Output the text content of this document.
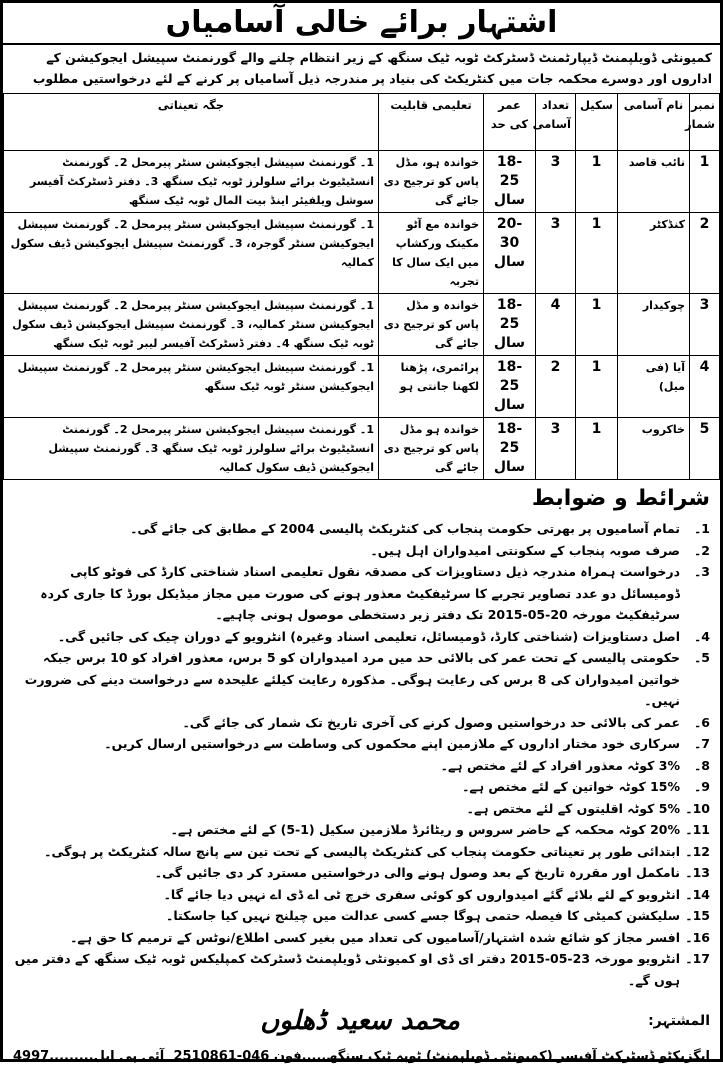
اشتہار برائے خالی آسامیاں
کمیونٹی ڈویلپمنٹ ڈیپارٹمنٹ ڈسٹرکٹ ٹوبہ ٹیک سنگھ کے زیر انتظام چلنے والے گورنمنٹ سپیشل ایجوکیشن کے اداروں اور دوسرے محکمہ جات میں کنٹریکٹ کی بنیاد پر مندرجہ ذیل آسامیاں پر کرنے کے لئے درخواستیں مطلوب
نمبر شمار	نام آسامی	سکیل	تعداد آسامی	عمر کی حد	تعلیمی قابلیت	جگہ تعیناتی
1	نائب قاصد	1	3	18-25 سال	خواندہ ہو، مڈل پاس کو ترجیح دی جائے گی	1۔ گورنمنٹ سپیشل ایجوکیشن سنٹر پیرمحل 2۔ گورنمنٹ انسٹیٹیوٹ برائے سلولرز ٹوبہ ٹیک سنگھ 3۔ دفتر ڈسٹرکٹ آفیسر سوشل ویلفیئر اینڈ بیت المال ٹوبہ ٹیک سنگھ
2	کنڈکٹر	1	3	20-30 سال	خواندہ مع آٹو مکینک ورکشاپ میں ایک سال کا تجربہ	1۔ گورنمنٹ سپیشل ایجوکیشن سنٹر پیرمحل 2۔ گورنمنٹ سپیشل ایجوکیشن سنٹر گوجرہ، 3۔ گورنمنٹ سپیشل ایجوکیشن ڈیف سکول کمالیہ
3	چوکیدار	1	4	18-25 سال	خواندہ و مڈل پاس کو ترجیح دی جائے گی	1۔ گورنمنٹ سپیشل ایجوکیشن سنٹر پیرمحل 2۔ گورنمنٹ سپیشل ایجوکیشن سنٹر کمالیہ، 3۔ گورنمنٹ سپیشل ایجوکیشن ڈیف سکول ٹوبہ ٹیک سنگھ 4۔ دفتر ڈسٹرکٹ آفیسر لیبر ٹوبہ ٹیک سنگھ
4	آیا (فی میل)	1	2	18-25 سال	پرائمری، پڑھنا لکھنا جانتی ہو	1۔ گورنمنٹ سپیشل ایجوکیشن سنٹر پیرمحل 2۔ گورنمنٹ سپیشل ایجوکیشن سنٹر ٹوبہ ٹیک سنگھ
5	خاکروب	1	3	18-25 سال	خواندہ ہو مڈل پاس کو ترجیح دی جائے گی	1۔ گورنمنٹ سپیشل ایجوکیشن سنٹر پیرمحل 2۔ گورنمنٹ انسٹیٹیوٹ برائے سلولرز ٹوبہ ٹیک سنگھ 3۔ گورنمنٹ سپیشل ایجوکیشن ڈیف سکول کمالیہ
شرائط و ضوابط
1۔
تمام آسامیوں پر بھرتی حکومت پنجاب کی کنٹریکٹ پالیسی 2004 کے مطابق کی جائے گی۔
2۔
صرف صوبہ پنجاب کے سکونتی امیدواران اہل ہیں۔
3۔
درخواست ہمراہ مندرجہ ذیل دستاویزات کی مصدقہ نقول تعلیمی اسناد شناختی کارڈ کی فوٹو کاپی ڈومیسائل دو عدد تصاویر تجربے کا سرٹیفکیٹ معذور ہونے کی صورت میں مجاز میڈیکل بورڈ کا جاری کردہ سرٹیفکیٹ مورخہ 20-05-2015 تک دفتر زیر دستخطی موصول ہونی چاہیے۔
4۔
اصل دستاویزات (شناختی کارڈ، ڈومیسائل، تعلیمی اسناد وغیرہ) انٹرویو کے دوران چیک کی جائیں گی۔
5۔
حکومتی پالیسی کے تحت عمر کی بالائی حد میں مرد امیدواران کو 5 برس، معذور افراد کو 10 برس جبکہ خواتین امیدواران کی 8 برس کی رعایت ہوگی۔ مذکورہ رعایت کیلئے علیحدہ سے درخواست دینے کی ضرورت نہیں۔
6۔
عمر کی بالائی حد درخواستیں وصول کرنے کی آخری تاریخ تک شمار کی جائے گی۔
7۔
سرکاری خود مختار اداروں کے ملازمین اپنے محکموں کی وساطت سے درخواستیں ارسال کریں۔
8۔
3% کوٹہ معذور افراد کے لئے مختص ہے۔
9۔
15% کوٹہ خواتین کے لئے مختص ہے۔
10۔
5% کوٹہ اقلیتوں کے لئے مختص ہے۔
11۔
20% کوٹہ محکمہ کے حاضر سروس و ریٹائرڈ ملازمین سکیل (1-5) کے لئے مختص ہے۔
12۔
ابتدائی طور پر تعیناتی حکومت پنجاب کی کنٹریکٹ پالیسی کے تحت تین سے پانچ سالہ کنٹریکٹ پر ہوگی۔
13۔
نامکمل اور مقررہ تاریخ کے بعد وصول ہونے والی درخواستیں مسترد کر دی جائیں گی۔
14۔
انٹرویو کے لئے بلائے گئے امیدواروں کو کوئی سفری خرچ ٹی اے ڈی اے نہیں دیا جائے گا۔
15۔
سلیکشن کمیٹی کا فیصلہ حتمی ہوگا جسے کسی عدالت میں چیلنج نہیں کیا جاسکتا۔
16۔
افسر مجاز کو شائع شدہ اشتہار/آسامیوں کی تعداد میں بغیر کسی اطلاع/نوٹس کے ترمیم کا حق ہے۔
17۔
انٹرویو مورخہ 23-05-2015 دفتر ای ڈی او کمیونٹی ڈویلپمنٹ ڈسٹرکٹ کمپلیکس ٹوبہ ٹیک سنگھ کے دفتر میں ہوں گے۔
المشتہر:
محمد سعید ڈھلوں
ایگزیکٹو ڈسٹرکٹ آفیسر (کمیونٹی ڈویلپمنٹ) ٹوبہ ٹیک سنگھ.....فون 046-2510861
آئی پی ایل.........4997
